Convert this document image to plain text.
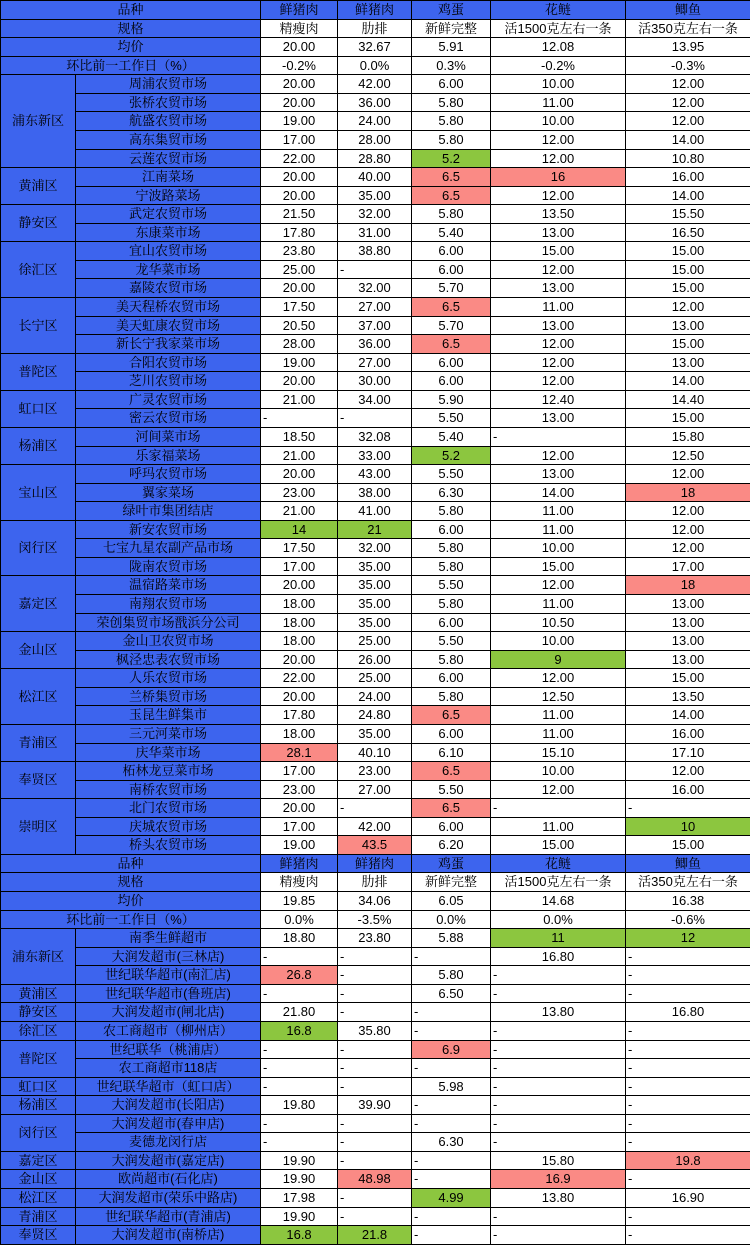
品种		鲜猪肉	鲜猪肉	鸡蛋	花鲢	鲫鱼
规格		精瘦肉	肋排	新鲜完整	活1500克左右一条	活350克左右一条
均价		20.00	32.67	5.91	12.08	13.95
环比前一工作日（%）		-0.2%	0.0%	0.3%	-0.2%	-0.3%
浦东新区	周浦农贸市场	20.00	42.00	6.00	10.00	12.00
	张桥农贸市场	20.00	36.00	5.80	11.00	12.00
	航盛农贸市场	19.00	24.00	5.80	10.00	12.00
	高东集贸市场	17.00	28.00	5.80	12.00	14.00
	云莲农贸市场	22.00	28.80	5.2	12.00	10.80
黄浦区	江南菜场	20.00	40.00	6.5	16	16.00
	宁波路菜场	20.00	35.00	6.5	12.00	14.00
静安区	武定农贸市场	21.50	32.00	5.80	13.50	15.50
	东康菜市场	17.80	31.00	5.40	13.00	16.50
徐汇区	宜山农贸市场	23.80	38.80	6.00	15.00	15.00
	龙华菜市场	25.00	-	6.00	12.00	15.00
	嘉陵农贸市场	20.00	32.00	5.70	13.00	15.00
长宁区	美天程桥农贸市场	17.50	27.00	6.5	11.00	12.00
	美天虹康农贸市场	20.50	37.00	5.70	13.00	13.00
	新长宁我家菜市场	28.00	36.00	6.5	12.00	15.00
普陀区	合阳农贸市场	19.00	27.00	6.00	12.00	13.00
	芝川农贸市场	20.00	30.00	6.00	12.00	14.00
虹口区	广灵农贸市场	21.00	34.00	5.90	12.40	14.40
	密云农贸市场	-	-	5.50	13.00	15.00
杨浦区	河间菜市场	18.50	32.08	5.40	-	15.80
	乐家福菜场	21.00	33.00	5.2	12.00	12.50
宝山区	呼玛农贸市场	20.00	43.00	5.50	13.00	12.00
	翼家菜场	23.00	38.00	6.30	14.00	18
	绿叶市集团结店	21.00	41.00	5.80	11.00	12.00
闵行区	新安农贸市场	14	21	6.00	11.00	12.00
	七宝九星农副产品市场	17.50	32.00	5.80	10.00	12.00
	陇南农贸市场	17.00	35.00	5.80	15.00	17.00
嘉定区	温宿路菜市场	20.00	35.00	5.50	12.00	18
	南翔农贸市场	18.00	35.00	5.80	11.00	13.00
	荣创集贸市场戬浜分公司	18.00	35.00	6.00	10.50	13.00
金山区	金山卫农贸市场	18.00	25.00	5.50	10.00	13.00
	枫泾忠表农贸市场	20.00	26.00	5.80	9	13.00
松江区	人乐农贸市场	22.00	25.00	6.00	12.00	15.00
	兰桥集贸市场	20.00	24.00	5.80	12.50	13.50
	玉昆生鲜集市	17.80	24.80	6.5	11.00	14.00
青浦区	三元河菜市场	18.00	35.00	6.00	11.00	16.00
	庆华菜市场	28.1	40.10	6.10	15.10	17.10
奉贤区	柘林龙豆菜市场	17.00	23.00	6.5	10.00	12.00
	南桥农贸市场	23.00	27.00	5.50	12.00	16.00
崇明区	北门农贸市场	20.00	-	6.5	-	-
	庆城农贸市场	17.00	42.00	6.00	11.00	10
	桥头农贸市场	19.00	43.5	6.20	15.00	15.00
品种		鲜猪肉	鲜猪肉	鸡蛋	花鲢	鲫鱼
规格		精瘦肉	肋排	新鲜完整	活1500克左右一条	活350克左右一条
均价		19.85	34.06	6.05	14.68	16.38
环比前一工作日（%）		0.0%	-3.5%	0.0%	0.0%	-0.6%
浦东新区	南季生鲜超市	18.80	23.80	5.88	11	12
	大润发超市(三林店)	-	-	-	16.80	-
	世纪联华超市(南汇店)	26.8	-	5.80	-	-
黄浦区	世纪联华超市(鲁班店)	-	-	6.50	-	-
静安区	大润发超市(闸北店)	21.80	-	-	13.80	16.80
徐汇区	农工商超市（柳州店）	16.8	35.80	-	-	-
普陀区	世纪联华（桃浦店）	-	-	6.9	-	-
	农工商超市118店	-	-	-	-	-
虹口区	世纪联华超市（虹口店）	-	-	5.98	-	-
杨浦区	大润发超市(长阳店)	19.80	39.90	-	-	-
闵行区	大润发超市(春申店)	-	-	-	-	-
	麦德龙闵行店	-	-	6.30	-	-
嘉定区	大润发超市(嘉定店)	19.90	-	-	15.80	19.8
金山区	欧尚超市(石化店)	19.90	48.98	-	16.9	-
松江区	大润发超市(荣乐中路店)	17.98	-	4.99	13.80	16.90
青浦区	世纪联华超市(青浦店)	19.90	-	-	-	-
奉贤区	大润发超市(南桥店)	16.8	21.8	-	-	-
